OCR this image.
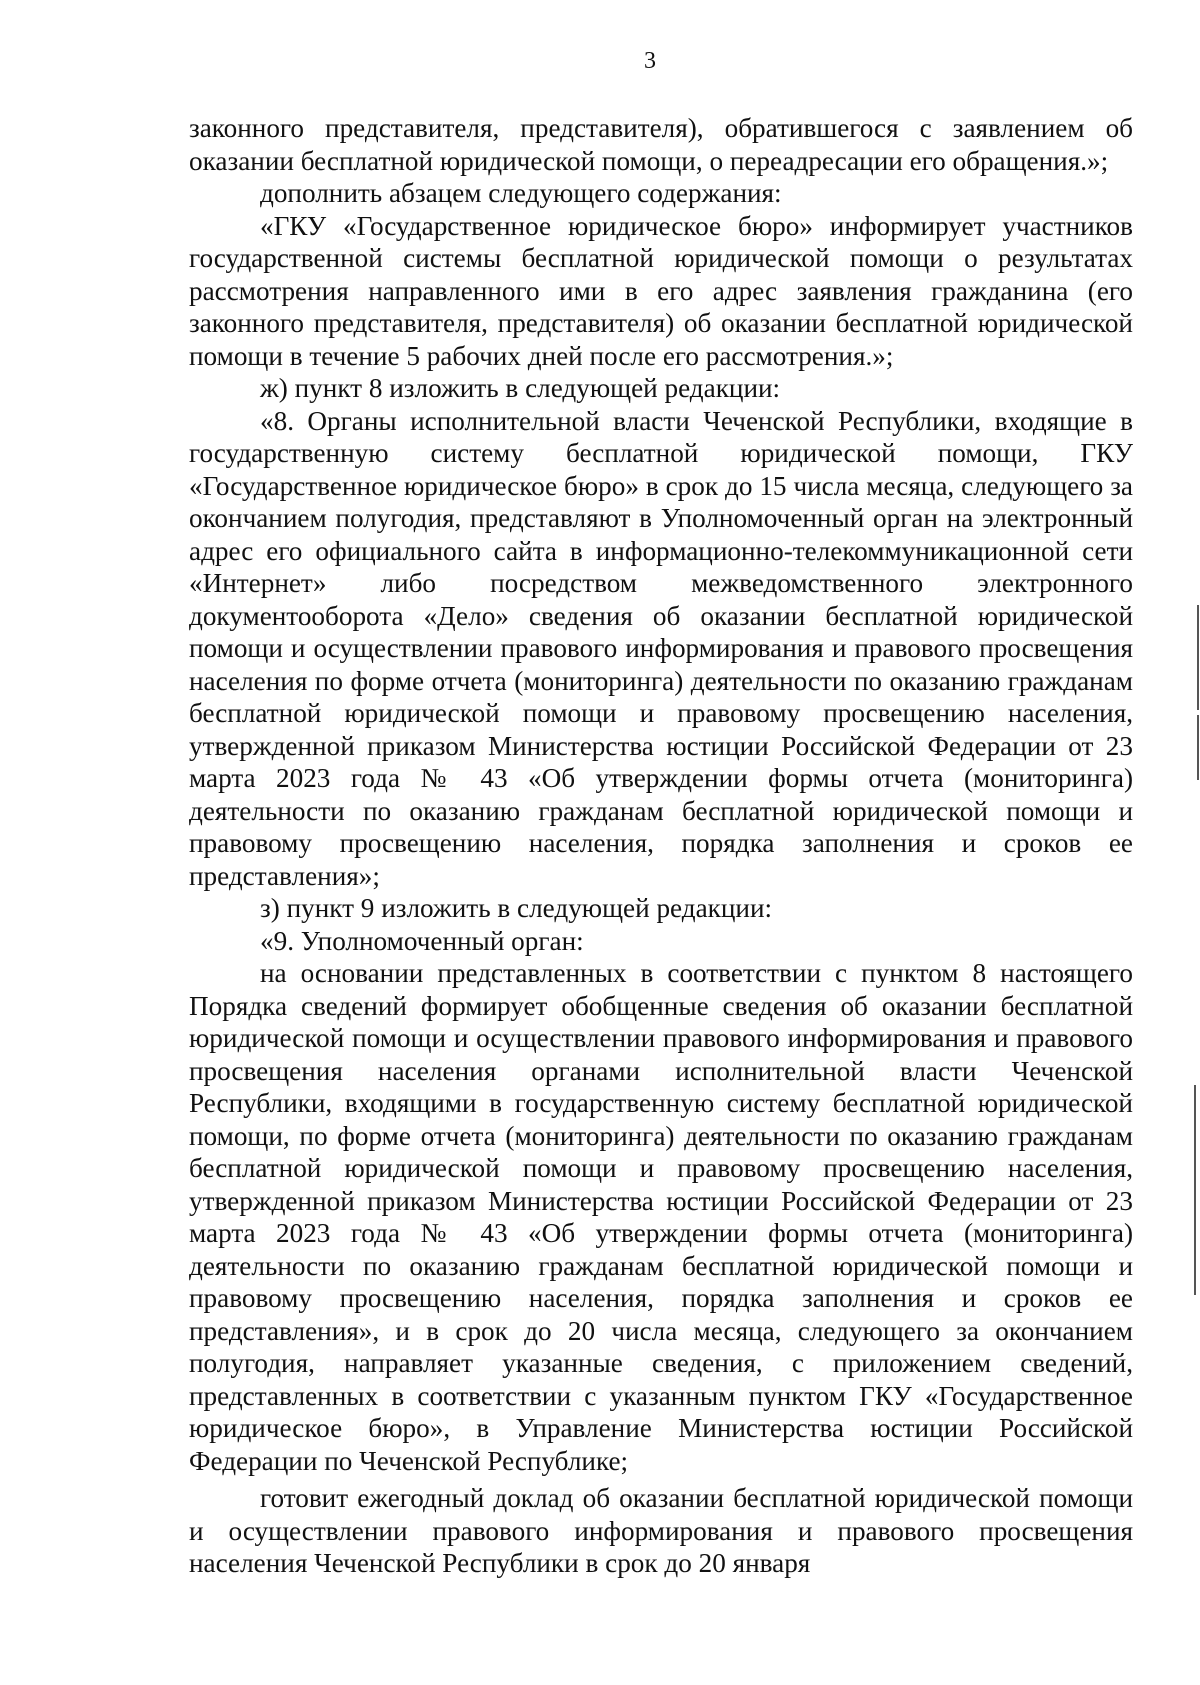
3

законного представителя, представителя), обратившегося с заявлением об оказании бесплатной юридической помощи, о переадресации его обращения.»;

дополнить абзацем следующего содержания:

«ГКУ «Государственное юридическое бюро» информирует участников государственной системы бесплатной юридической помощи о результатах рассмотрения направленного ими в его адрес заявления гражданина (его законного представителя, представителя) об оказании бесплатной юридической помощи в течение 5 рабочих дней после его рассмотрения.»;

ж) пункт 8 изложить в следующей редакции:

«8. Органы исполнительной власти Чеченской Республики, входящие в государственную систему бесплатной юридической помощи, ГКУ «Государственное юридическое бюро» в срок до 15 числа месяца, следующего за окончанием полугодия, представляют в Уполномоченный орган на электронный адрес его официального сайта в информационно-телекоммуникационной сети «Интернет» либо посредством межведомственного электронного документооборота «Дело» сведения об оказании бесплатной юридической помощи и осуществлении правового информирования и правового просвещения населения по форме отчета (мониторинга) деятельности по оказанию гражданам бесплатной юридической помощи и правовому просвещению населения, утвержденной приказом Министерства юстиции Российской Федерации от 23 марта 2023 года № 43 «Об утверждении формы отчета (мониторинга) деятельности по оказанию гражданам бесплатной юридической помощи и правовому просвещению населения, порядка заполнения и сроков ее представления»;

з) пункт 9 изложить в следующей редакции:

«9. Уполномоченный орган:

на основании представленных в соответствии с пунктом 8 настоящего Порядка сведений формирует обобщенные сведения об оказании бесплатной юридической помощи и осуществлении правового информирования и правового просвещения населения органами исполнительной власти Чеченской Республики, входящими в государственную систему бесплатной юридической помощи, по форме отчета (мониторинга) деятельности по оказанию гражданам бесплатной юридической помощи и правовому просвещению населения, утвержденной приказом Министерства юстиции Российской Федерации от 23 марта 2023 года № 43 «Об утверждении формы отчета (мониторинга) деятельности по оказанию гражданам бесплатной юридической помощи и правовому просвещению населения, порядка заполнения и сроков ее представления», и в срок до 20 числа месяца, следующего за окончанием полугодия, направляет указанные сведения, с приложением сведений, представленных в соответствии с указанным пунктом ГКУ «Государственное юридическое бюро», в Управление Министерства юстиции Российской Федерации по Чеченской Республике;

готовит ежегодный доклад об оказании бесплатной юридической помощи и осуществлении правового информирования и правового просвещения населения Чеченской Республики в срок до 20 января
